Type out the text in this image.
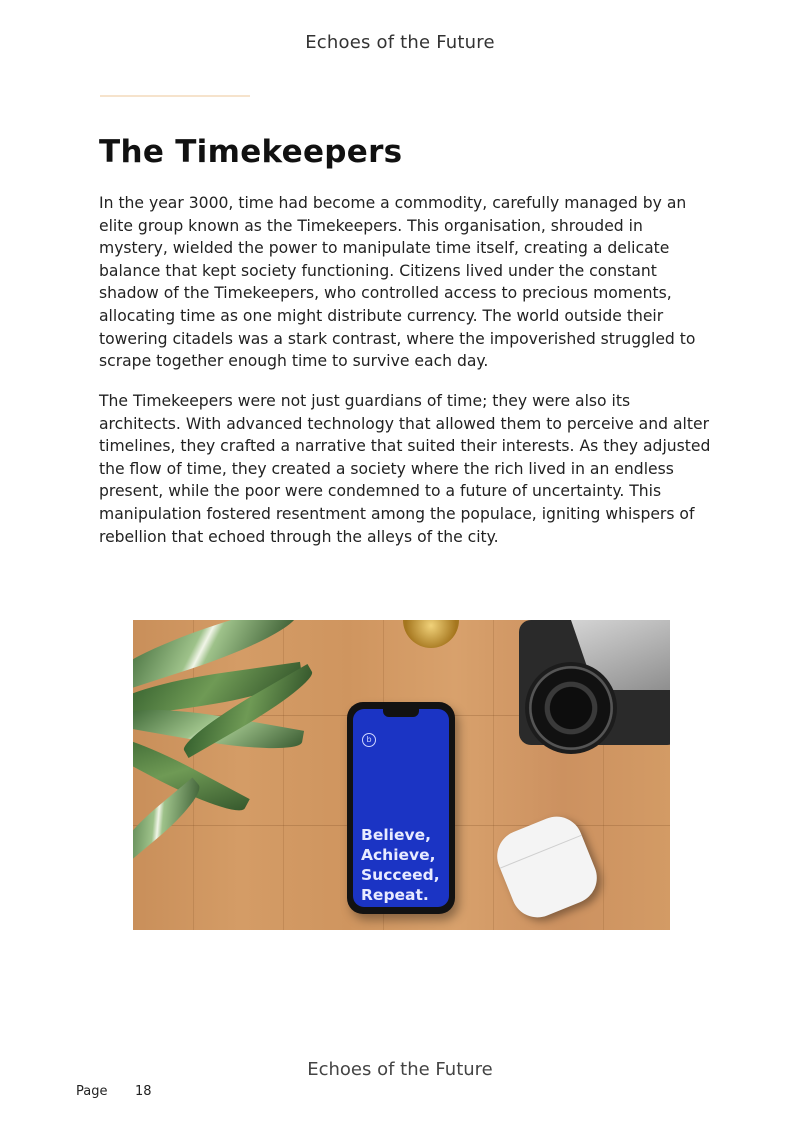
Echoes of the Future
The Timekeepers

In the year 3000, time had become a commodity, carefully managed by an elite group known as the Timekeepers. This organisation, shrouded in mystery, wielded the power to manipulate time itself, creating a delicate balance that kept society functioning. Citizens lived under the constant shadow of the Timekeepers, who controlled access to precious moments, allocating time as one might distribute currency. The world outside their towering citadels was a stark contrast, where the impoverished struggled to scrape together enough time to survive each day.

The Timekeepers were not just guardians of time; they were also its architects. With advanced technology that allowed them to perceive and alter timelines, they crafted a narrative that suited their interests. As they adjusted the flow of time, they created a society where the rich lived in an endless present, while the poor were condemned to a future of uncertainty. This manipulation fostered resentment among the populace, igniting whispers of rebellion that echoed through the alleys of the city.

b
Believe,
Achieve,
Succeed,
Repeat.
Echoes of the Future
Page 18
